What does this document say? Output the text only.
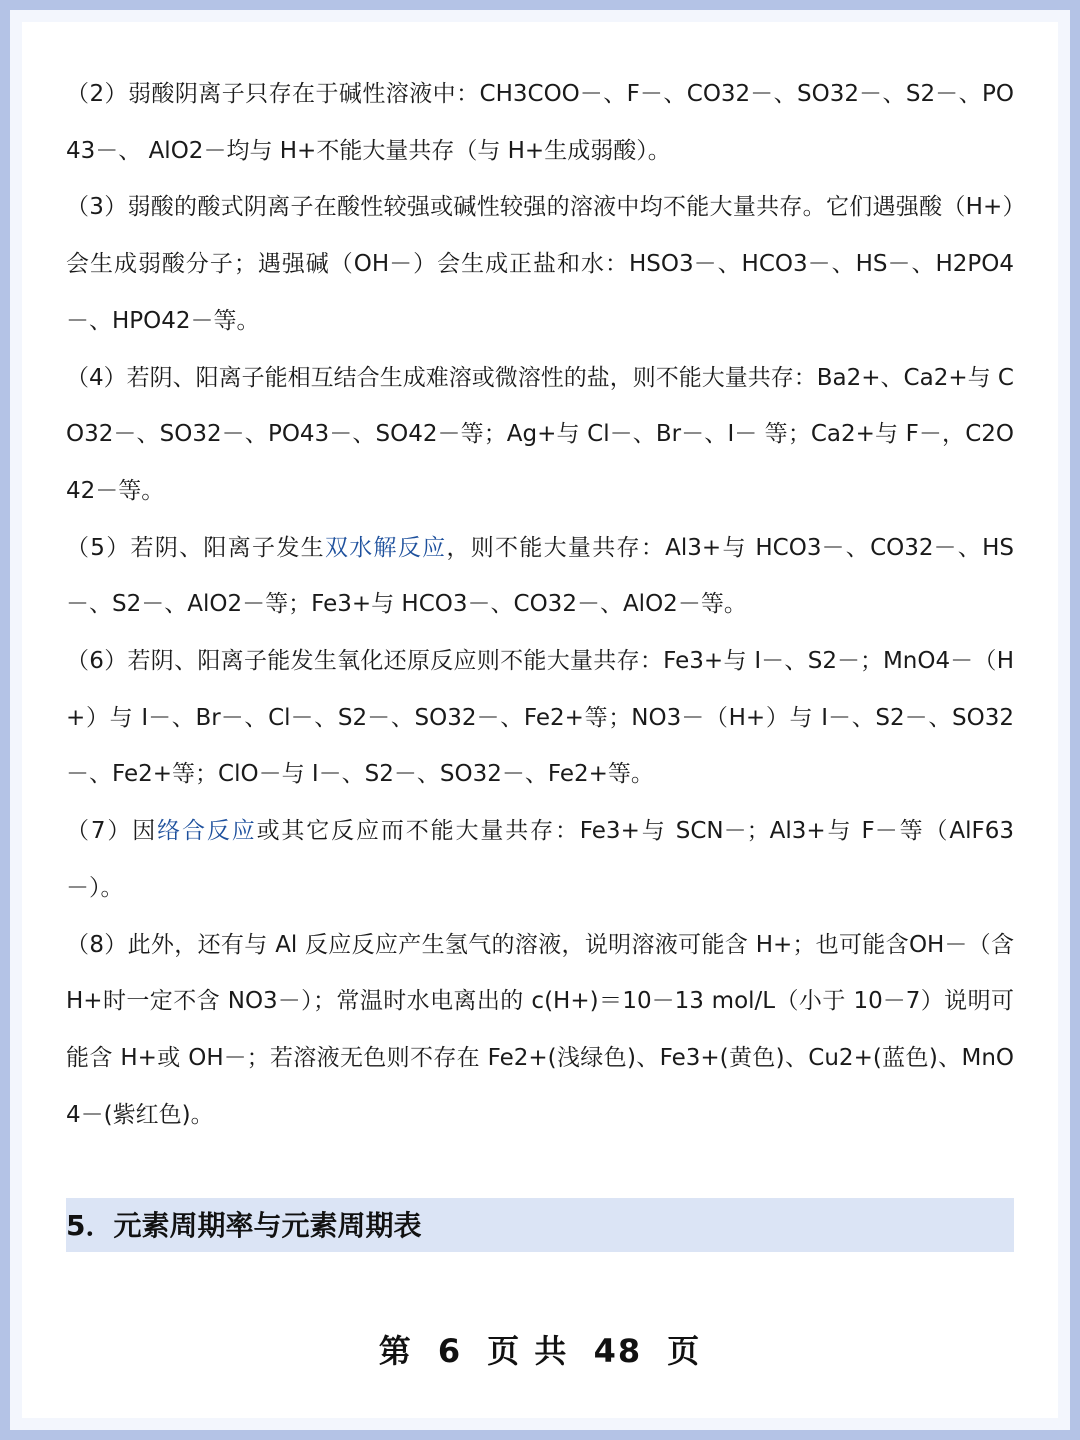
（2）弱酸阴离子只存在于碱性溶液中：CH3COO－、F－、CO32－、SO32－、S2－、PO43－、 AlO2－均与 H+不能大量共存（与 H+生成弱酸）。

（3）弱酸的酸式阴离子在酸性较强或碱性较强的溶液中均不能大量共存。它们遇强酸（H+）会生成弱酸分子；遇强碱（OH－）会生成正盐和水：HSO3－、HCO3－、HS－、H2PO4－、HPO42－等。

（4）若阴、阳离子能相互结合生成难溶或微溶性的盐，则不能大量共存：Ba2+、Ca2+与 CO32－、SO32－、PO43－、SO42－等；Ag+与 Cl－、Br－、I－ 等；Ca2+与 F－，C2O42－等。

（5）若阴、阳离子发生双水解反应，则不能大量共存：Al3+与 HCO3－、CO32－、HS－、S2－、AlO2－等；Fe3+与 HCO3－、CO32－、AlO2－等。

（6）若阴、阳离子能发生氧化还原反应则不能大量共存：Fe3+与 I－、S2－；MnO4－（H+）与 I－、Br－、Cl－、S2－、SO32－、Fe2+等；NO3－（H+）与 I－、S2－、SO32－、Fe2+等；ClO－与 I－、S2－、SO32－、Fe2+等。

（7）因络合反应或其它反应而不能大量共存：Fe3+与 SCN－；Al3+与 F－等（AlF63－）。

（8）此外，还有与 Al 反应反应产生氢气的溶液，说明溶液可能含 H+；也可能含OH－（含 H+时一定不含 NO3－）；常温时水电离出的 c(H+)＝10－13 mol/L（小于 10－7）说明可能含 H+或 OH－；若溶液无色则不存在 Fe2+(浅绿色)、Fe3+(黄色)、Cu2+(蓝色)、MnO4－(紫红色)。

5．元素周期率与元素周期表
第 6 页 共 48 页
